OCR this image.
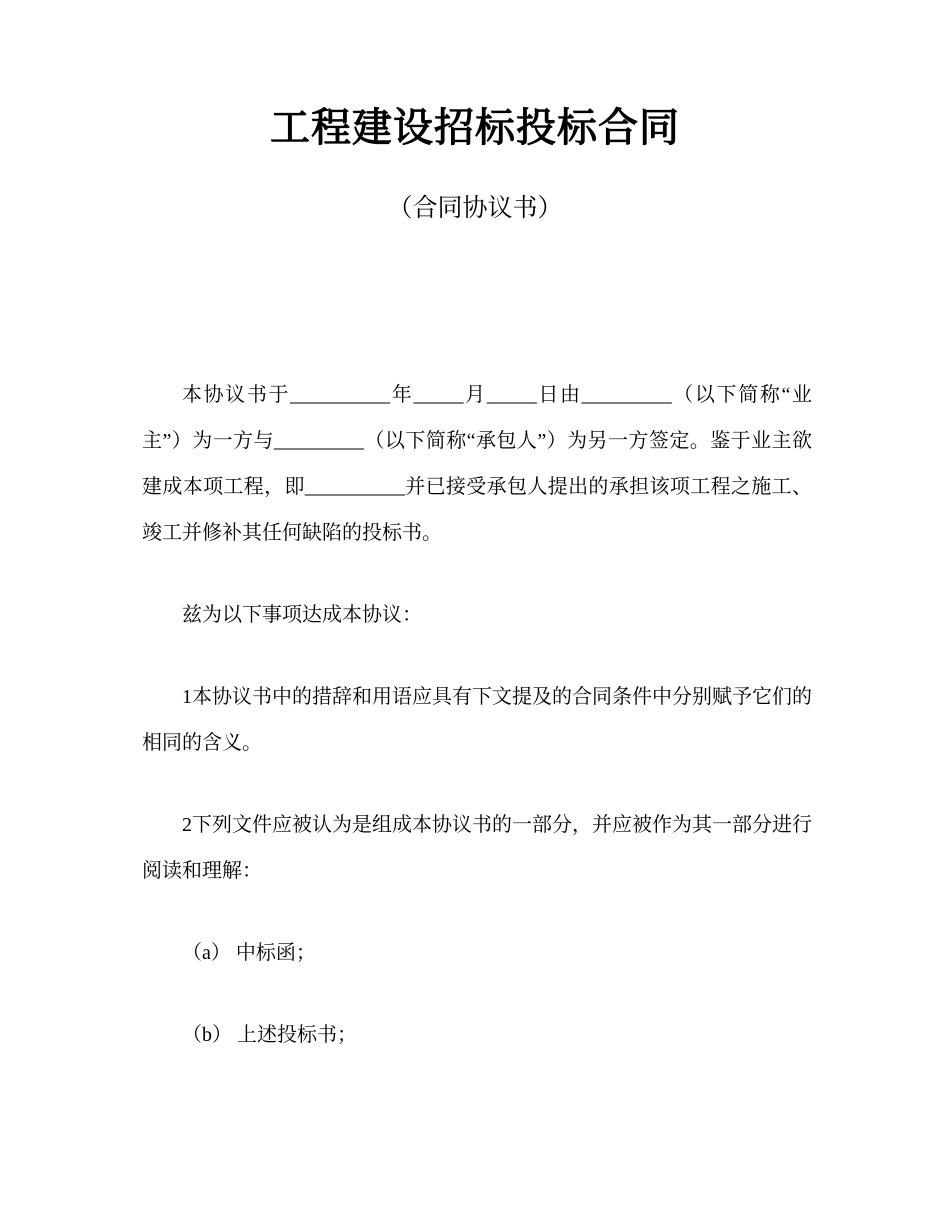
工程建设招标投标合同
（合同协议书）

本协议书于__________年_____月_____日由_________（以下简称“业主”）为一方与_________（以下简称“承包人”）为另一方签定。鉴于业主欲建成本项工程，即__________并已接受承包人提出的承担该项工程之施工、竣工并修补其任何缺陷的投标书。

兹为以下事项达成本协议：

1本协议书中的措辞和用语应具有下文提及的合同条件中分别赋予它们的相同的含义。

2下列文件应被认为是组成本协议书的一部分，并应被作为其一部分进行阅读和理解：

（a） 中标函；

（b） 上述投标书；
